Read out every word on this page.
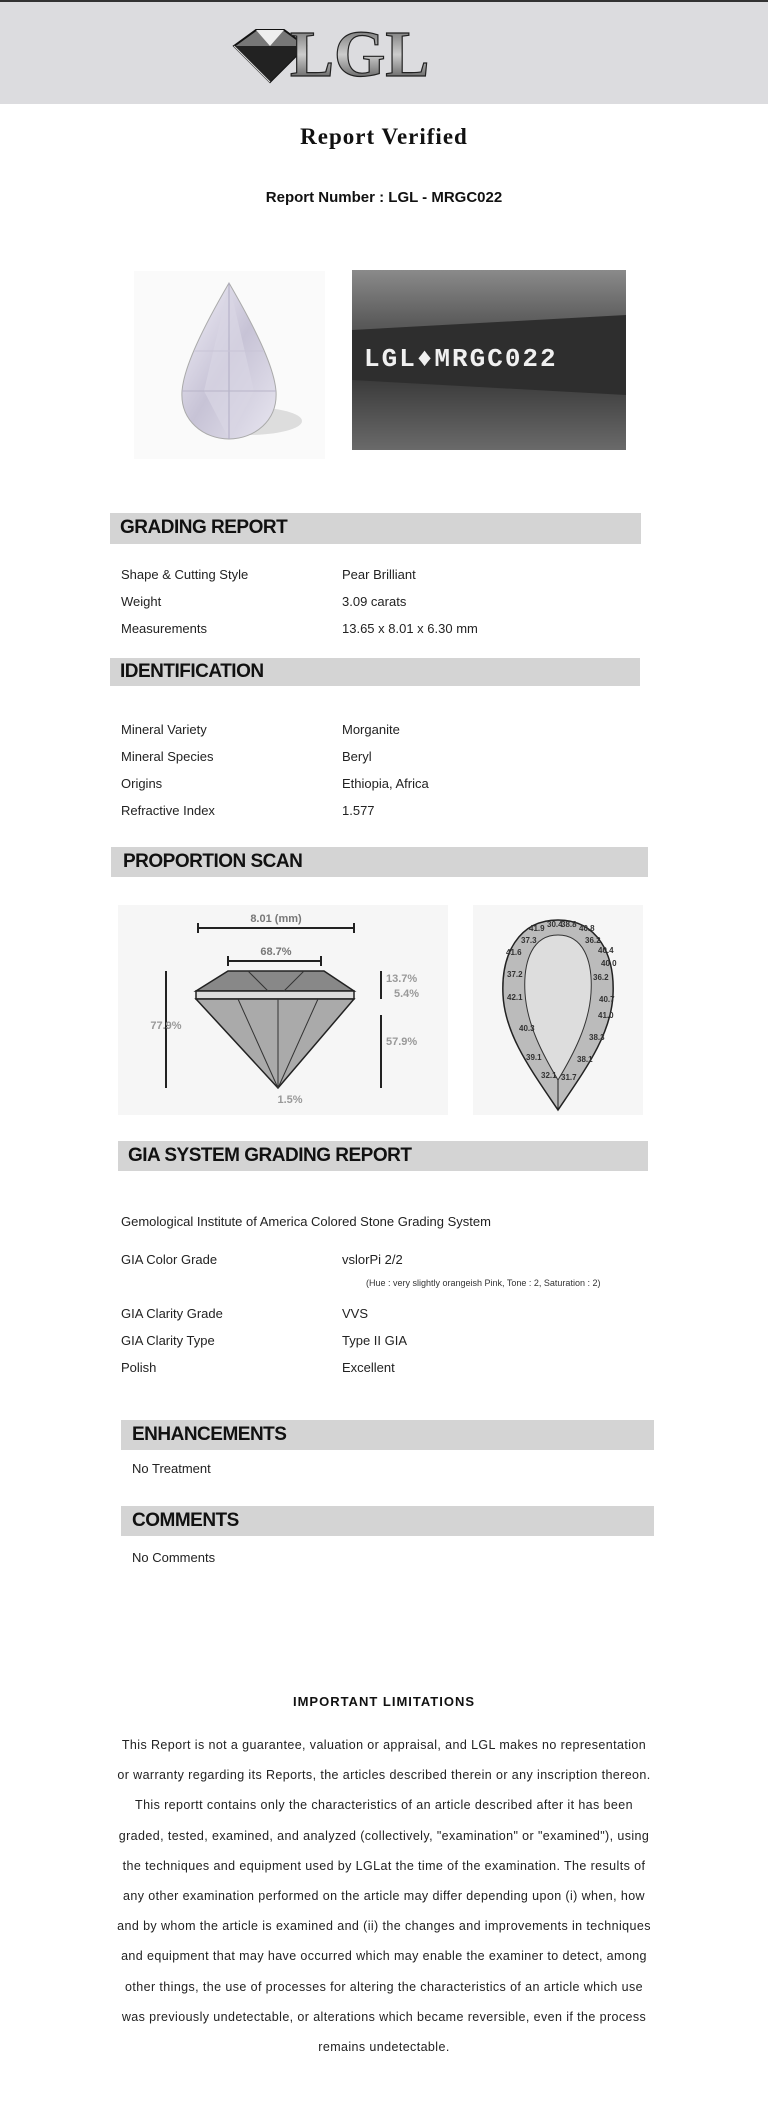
LGL
Report Verified
Report Number : LGL - MRGC022
LGL♦MRGC022
GRADING REPORT
Shape & Cutting Style	Pear Brilliant
Weight	3.09 carats
Measurements	13.65 x 8.01 x 6.30 mm
IDENTIFICATION
Mineral Variety	Morganite
Mineral Species	Beryl
Origins	Ethiopia, Africa
Refractive Index	1.577
PROPORTION SCAN
8.01 (mm)
68.7%
77.9%
13.7%
5.4%
57.9%
1.5%
41.9 30.4
38.8 40.8
37.3	36.2
41.6	40.4
40.0
37.2	36.2
42.1	40.7
40.3
41.0
38.3
39.1	38.1
32.1 31.7
GIA SYSTEM GRADING REPORT
Gemological Institute of America Colored Stone Grading System
GIA Color Grade	vslorPi 2/2
(Hue : very slightly orangeish Pink, Tone : 2, Saturation : 2)
GIA Clarity Grade	VVS
GIA Clarity Type	Type II GIA
Polish	Excellent
ENHANCEMENTS
No Treatment
COMMENTS
No Comments
IMPORTANT LIMITATIONS
This Report is not a guarantee, valuation or appraisal, and LGL makes no representation or warranty regarding its Reports, the articles described therein or any inscription thereon. This reportt contains only the characteristics of an article described after it has been graded, tested, examined, and analyzed (collectively, "examination" or "examined"), using the techniques and equipment used by LGLat the time of the examination. The results of any other examination performed on the article may differ depending upon (i) when, how and by whom the article is examined and (ii) the changes and improvements in techniques and equipment that may have occurred which may enable the examiner to detect, among other things, the use of processes for altering the characteristics of an article which use was previously undetectable, or alterations which became reversible, even if the process remains undetectable.
